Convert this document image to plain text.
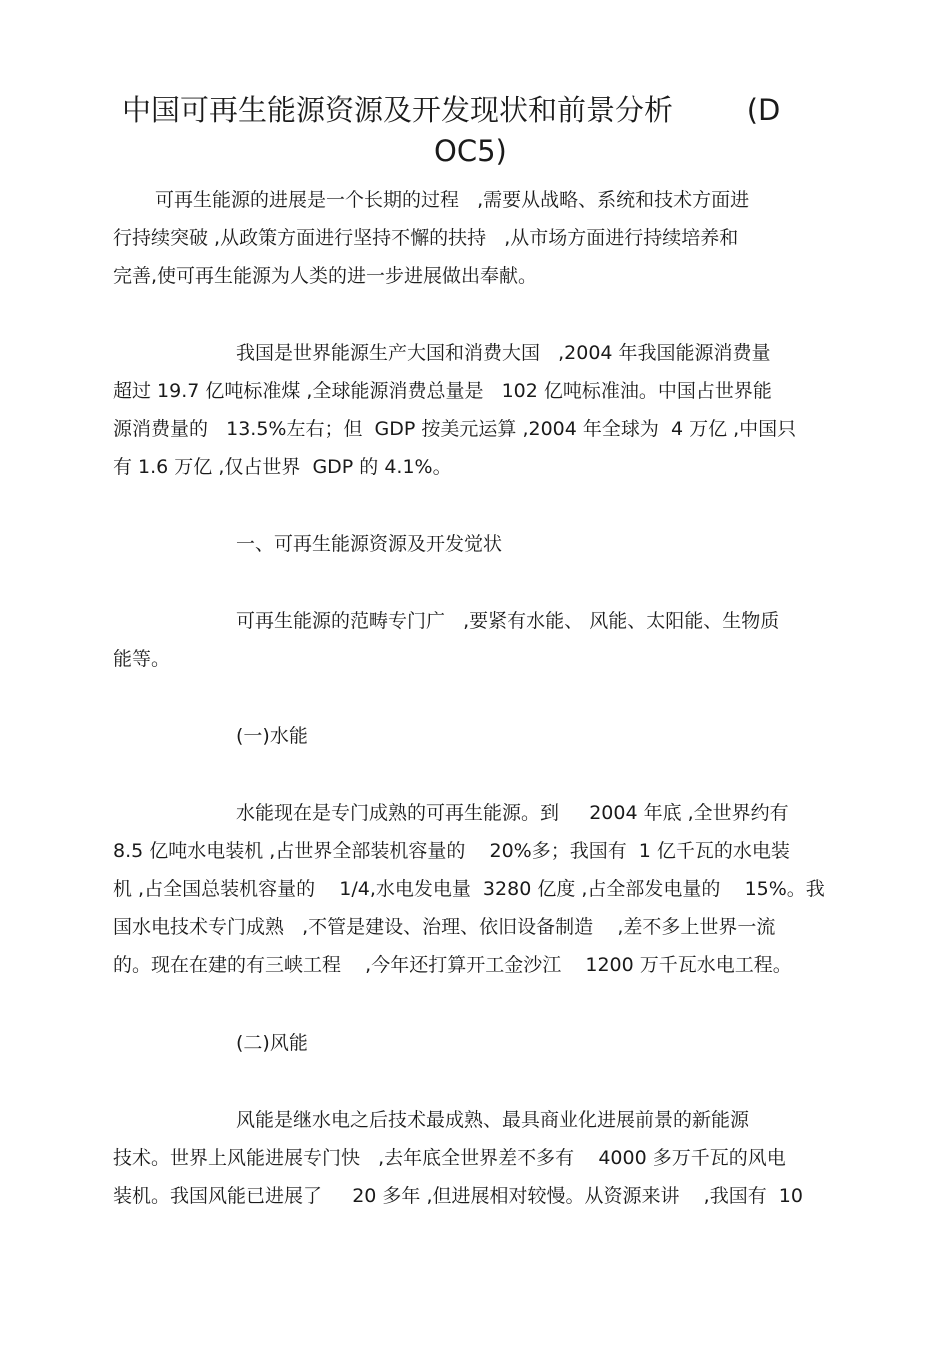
中国可再生能源资源及开发现状和前景分析        (D
OC5)
可再生能源的进展是一个长期的过程   ,需要从战略、系统和技术方面进
行持续突破 ,从政策方面进行坚持不懈的扶持   ,从市场方面进行持续培养和
完善,使可再生能源为人类的进一步进展做出奉献。
我国是世界能源生产大国和消费大国   ,2004 年我国能源消费量
超过 19.7 亿吨标准煤 ,全球能源消费总量是   102 亿吨标准油。中国占世界能
源消费量的   13.5%左右；但  GDP 按美元运算 ,2004 年全球为  4 万亿 ,中国只
有 1.6 万亿 ,仅占世界  GDP 的 4.1%。
一、可再生能源资源及开发觉状
可再生能源的范畴专门广   ,要紧有水能、 风能、太阳能、生物质
能等。
(一)水能
水能现在是专门成熟的可再生能源。到     2004 年底 ,全世界约有
8.5 亿吨水电装机 ,占世界全部装机容量的    20%多；我国有  1 亿千瓦的水电装
机 ,占全国总装机容量的    1/4,水电发电量  3280 亿度 ,占全部发电量的    15%。我
国水电技术专门成熟   ,不管是建设、治理、依旧设备制造    ,差不多上世界一流
的。现在在建的有三峡工程    ,今年还打算开工金沙江    1200 万千瓦水电工程。
(二)风能
风能是继水电之后技术最成熟、最具商业化进展前景的新能源
技术。世界上风能进展专门快   ,去年底全世界差不多有    4000 多万千瓦的风电
装机。我国风能已进展了     20 多年 ,但进展相对较慢。从资源来讲    ,我国有  10
